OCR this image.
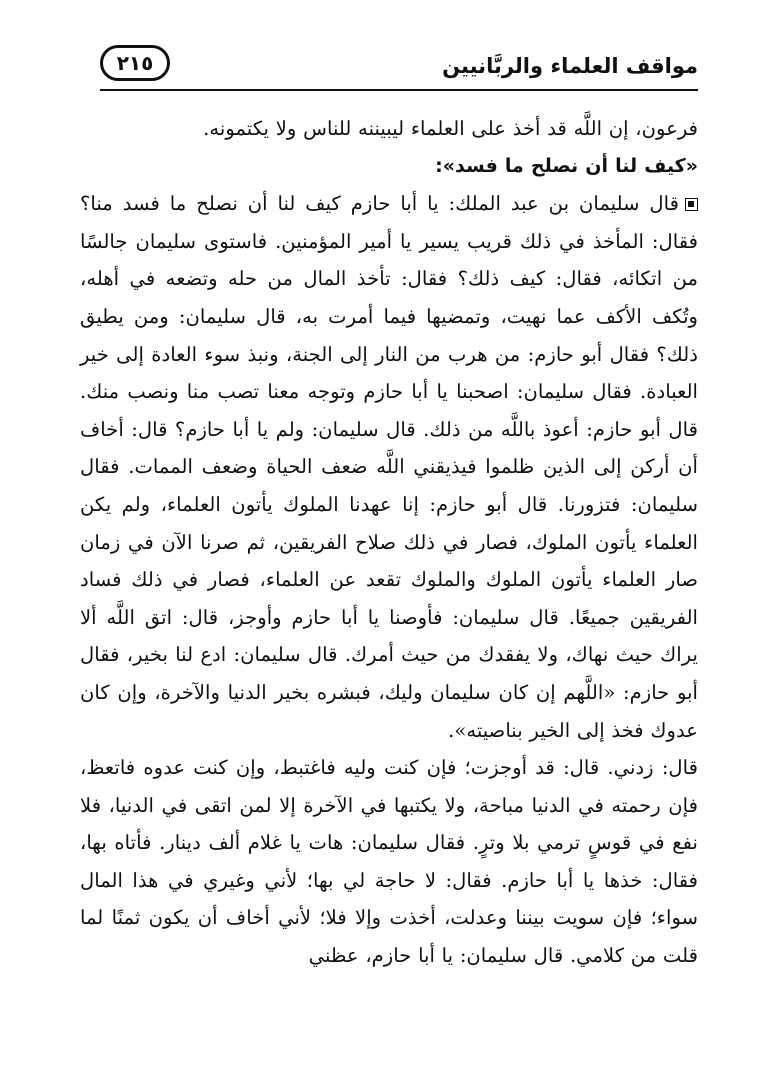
مواقف العلماء والربَّانيين
٢١٥

فرعون، إن اللَّه قد أخذ على العلماء ليبيننه للناس ولا يكتمونه.

«كيف لنا أن نصلح ما فسد»:

قال سليمان بن عبد الملك: يا أبا حازم كيف لنا أن نصلح ما فسد منا؟ فقال: المأخذ في ذلك قريب يسير يا أمير المؤمنين. فاستوى سليمان جالسًا من اتكائه، فقال: كيف ذلك؟ فقال: تأخذ المال من حله وتضعه في أهله، وتُكف الأكف عما نهيت، وتمضيها فيما أمرت به، قال سليمان: ومن يطيق ذلك؟ فقال أبو حازم: من هرب من النار إلى الجنة، ونبذ سوء العادة إلى خير العبادة. فقال سليمان: اصحبنا يا أبا حازم وتوجه معنا تصب منا ونصب منك. قال أبو حازم: أعوذ باللَّه من ذلك. قال سليمان: ولم يا أبا حازم؟ قال: أخاف أن أركن إلى الذين ظلموا فيذيقني اللَّه ضعف الحياة وضعف الممات. فقال سليمان: فتزورنا. قال أبو حازم: إنا عهدنا الملوك يأتون العلماء، ولم يكن العلماء يأتون الملوك، فصار في ذلك صلاح الفريقين، ثم صرنا الآن في زمان صار العلماء يأتون الملوك والملوك تقعد عن العلماء، فصار في ذلك فساد الفريقين جميعًا. قال سليمان: فأوصنا يا أبا حازم وأوجز، قال: اتق اللَّه ألا يراك حيث نهاك، ولا يفقدك من حيث أمرك. قال سليمان: ادع لنا بخير، فقال أبو حازم: «اللَّهم إن كان سليمان وليك، فبشره بخير الدنيا والآخرة، وإن كان عدوك فخذ إلى الخير بناصيته».

قال: زدني. قال: قد أوجزت؛ فإن كنت وليه فاغتبط، وإن كنت عدوه فاتعظ، فإن رحمته في الدنيا مباحة، ولا يكتبها في الآخرة إلا لمن اتقى في الدنيا، فلا نفع في قوسٍ ترمي بلا وترٍ. فقال سليمان: هات يا غلام ألف دينار. فأتاه بها، فقال: خذها يا أبا حازم. فقال: لا حاجة لي بها؛ لأني وغيري في هذا المال سواء؛ فإن سويت بيننا وعدلت، أخذت وإلا فلا؛ لأني أخاف أن يكون ثمنًا لما قلت من كلامي. قال سليمان: يا أبا حازم، عظني
